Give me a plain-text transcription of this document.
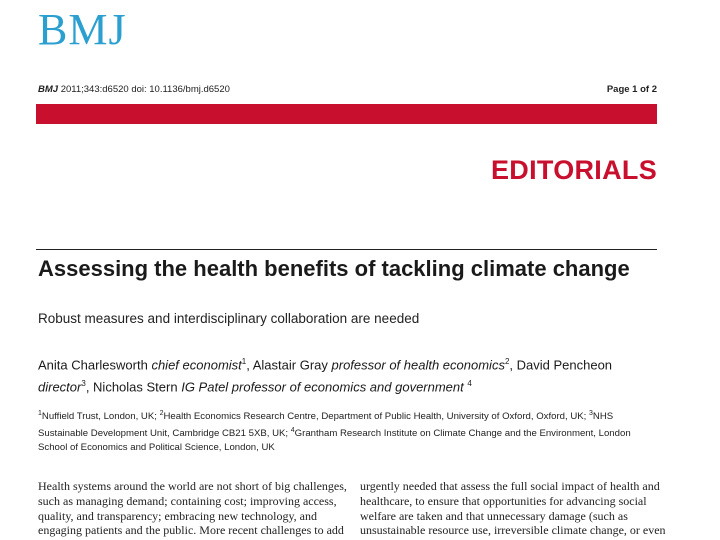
BMJ
BMJ 2011;343:d6520 doi: 10.1136/bmj.d6520	Page 1 of 2
EDITORIALS
Assessing the health benefits of tackling climate change
Robust measures and interdisciplinary collaboration are needed
Anita Charlesworth chief economist$^1$, Alastair Gray professor of health economics$^2$, David Pencheon director$^3$, Nicholas Stern IG Patel professor of economics and government $^4$
$^1$Nuffield Trust, London, UK; $^2$Health Economics Research Centre, Department of Public Health, University of Oxford, Oxford, UK; $^3$NHS Sustainable Development Unit, Cambridge CB21 5XB, UK; $^4$Grantham Research Institute on Climate Change and the Environment, London School of Economics and Political Science, London, UK
Health systems around the world are not short of big challenges,
such as managing demand; containing cost; improving access,
quality, and transparency; embracing new technology, and
engaging patients and the public. More recent challenges to add
urgently needed that assess the full social impact of health and
healthcare, to ensure that opportunities for advancing social
welfare are taken and that unnecessary damage (such as
unsustainable resource use, irreversible climate change, or even
